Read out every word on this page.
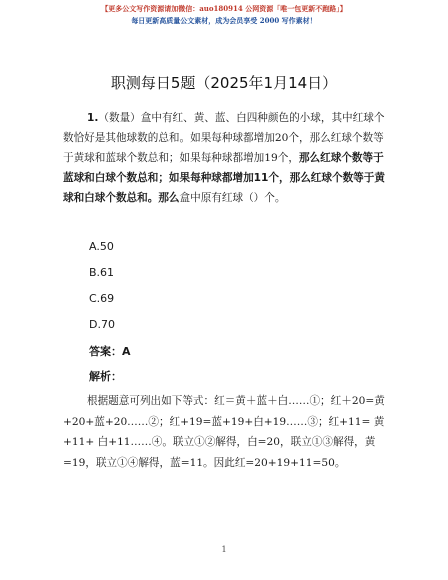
【更多公文写作资源请加微信：auo180914 公网资源「唯一包更新不跑路」】
每日更新高质量公文素材，成为会员享受 2000 写作素材！
职测每日5题（2025年1月14日）
1.（数量）盒中有红、黄、蓝、白四种颜色的小球，其中红球个数恰好是其他球数的总和。如果每种球都增加20个，那么红球个数等于黄球和蓝球个数总和；如果每种球都增加19个，那么红球个数等于蓝球和白球个数总和；如果每种球都增加11个，那么红球个数等于黄球和白球个数总和。那么盒中原有红球（）个。
A.50
B.61
C.69
D.70
答案：A
解析：
根据题意可列出如下等式：红＝黄＋蓝＋白……①；红＋20=黄+20+蓝+20……②；红+19=蓝+19+白+19……③；红+11= 黄+11+ 白+11……④。联立①②解得，白=20，联立①③解得，黄=19，联立①④解得，蓝=11。因此红=20+19+11=50。
1
